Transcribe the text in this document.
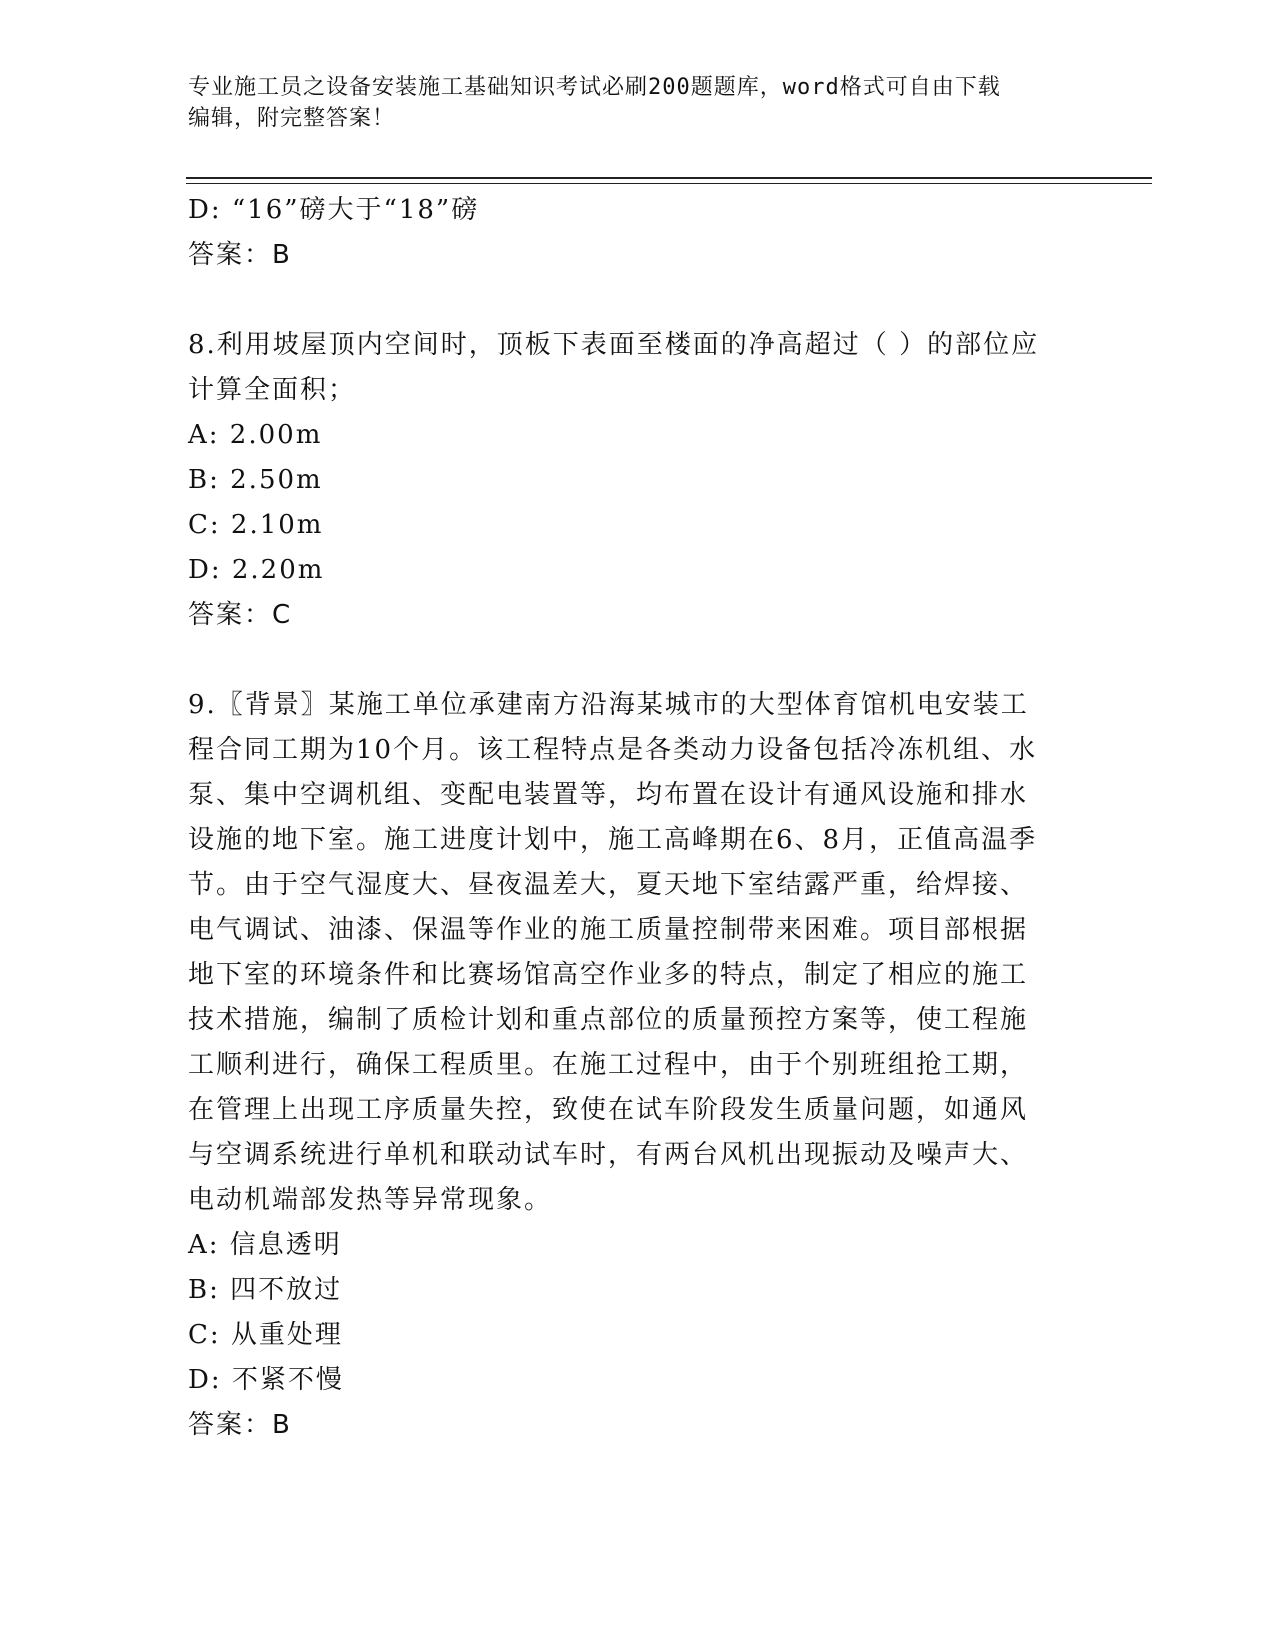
专业施工员之设备安装施工基础知识考试必刷200题题库，word格式可自由下载
编辑，附完整答案！
D: “16”磅大于“18”磅
答案：B
8.利用坡屋顶内空间时，顶板下表面至楼面的净高超过（ ）的部位应
计算全面积；
A: 2.00m
B: 2.50m
C: 2.10m
D: 2.20m
答案：C
9.〖背景〗某施工单位承建南方沿海某城市的大型体育馆机电安装工
程合同工期为10个月。该工程特点是各类动力设备包括冷冻机组、水
泵、集中空调机组、变配电装置等，均布置在设计有通风设施和排水
设施的地下室。施工进度计划中，施工高峰期在6、8月，正值高温季
节。由于空气湿度大、昼夜温差大，夏天地下室结露严重，给焊接、
电气调试、油漆、保温等作业的施工质量控制带来困难。项目部根据
地下室的环境条件和比赛场馆高空作业多的特点，制定了相应的施工
技术措施，编制了质检计划和重点部位的质量预控方案等，使工程施
工顺利进行，确保工程质里。在施工过程中，由于个别班组抢工期，
在管理上出现工序质量失控，致使在试车阶段发生质量问题，如通风
与空调系统进行单机和联动试车时，有两台风机出现振动及噪声大、
电动机端部发热等异常现象。
A: 信息透明
B: 四不放过
C: 从重处理
D: 不紧不慢
答案：B
